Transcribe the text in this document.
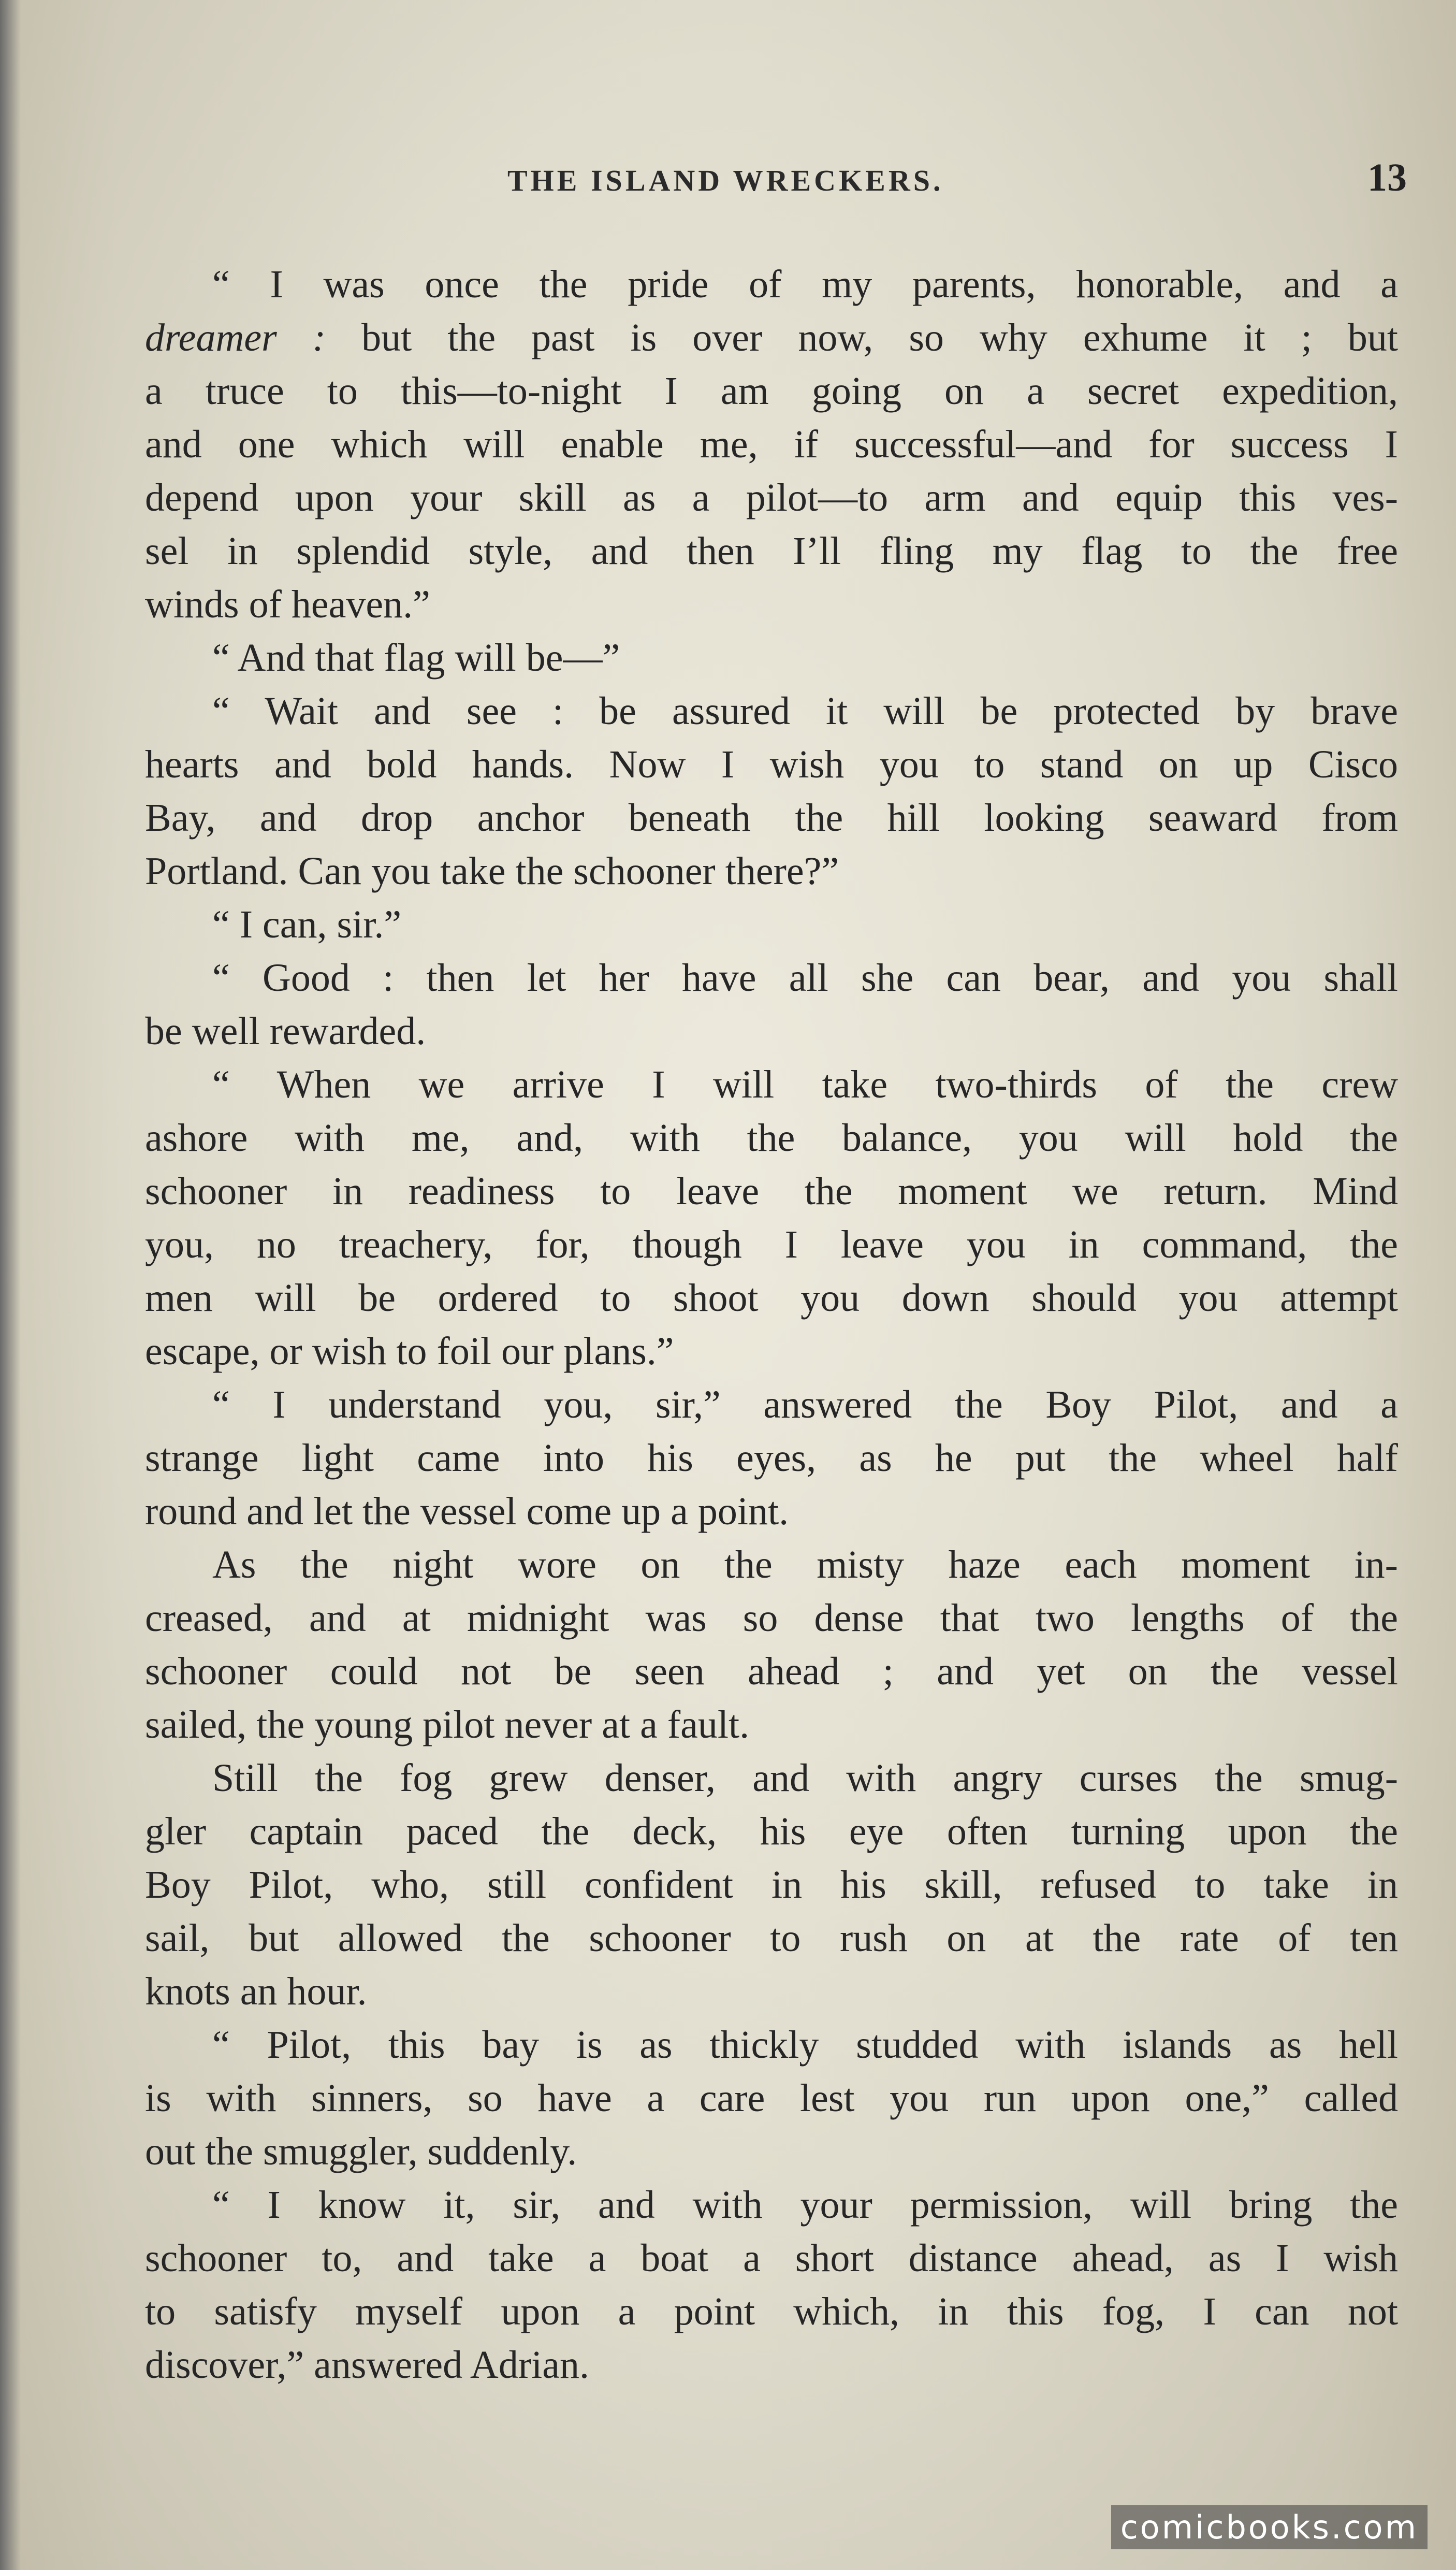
THE ISLAND WRECKERS.	13
“ I was once the pride of my parents, honorable, and a
dreamer : but the past is over now, so why exhume it ; but
a truce to this—to-night I am going on a secret expedition,
and one which will enable me, if successful—and for success I
depend upon your skill as a pilot—to arm and equip this ves-
sel in splendid style, and then I’ll fling my flag to the free
winds of heaven.”
“ And that flag will be—”
“ Wait and see : be assured it will be protected by brave
hearts and bold hands. Now I wish you to stand on up Cisco
Bay, and drop anchor beneath the hill looking seaward from
Portland. Can you take the schooner there?”
“ I can, sir.”
“ Good : then let her have all she can bear, and you shall
be well rewarded.
“ When we arrive I will take two-thirds of the crew
ashore with me, and, with the balance, you will hold the
schooner in readiness to leave the moment we return. Mind
you, no treachery, for, though I leave you in command, the
men will be ordered to shoot you down should you attempt
escape, or wish to foil our plans.”
“ I understand you, sir,” answered the Boy Pilot, and a
strange light came into his eyes, as he put the wheel half
round and let the vessel come up a point.
As the night wore on the misty haze each moment in-
creased, and at midnight was so dense that two lengths of the
schooner could not be seen ahead ; and yet on the vessel
sailed, the young pilot never at a fault.
Still the fog grew denser, and with angry curses the smug-
gler captain paced the deck, his eye often turning upon the
Boy Pilot, who, still confident in his skill, refused to take in
sail, but allowed the schooner to rush on at the rate of ten
knots an hour.
“ Pilot, this bay is as thickly studded with islands as hell
is with sinners, so have a care lest you run upon one,” called
out the smuggler, suddenly.
“ I know it, sir, and with your permission, will bring the
schooner to, and take a boat a short distance ahead, as I wish
to satisfy myself upon a point which, in this fog, I can not
discover,” answered Adrian.
comicbooks.com
